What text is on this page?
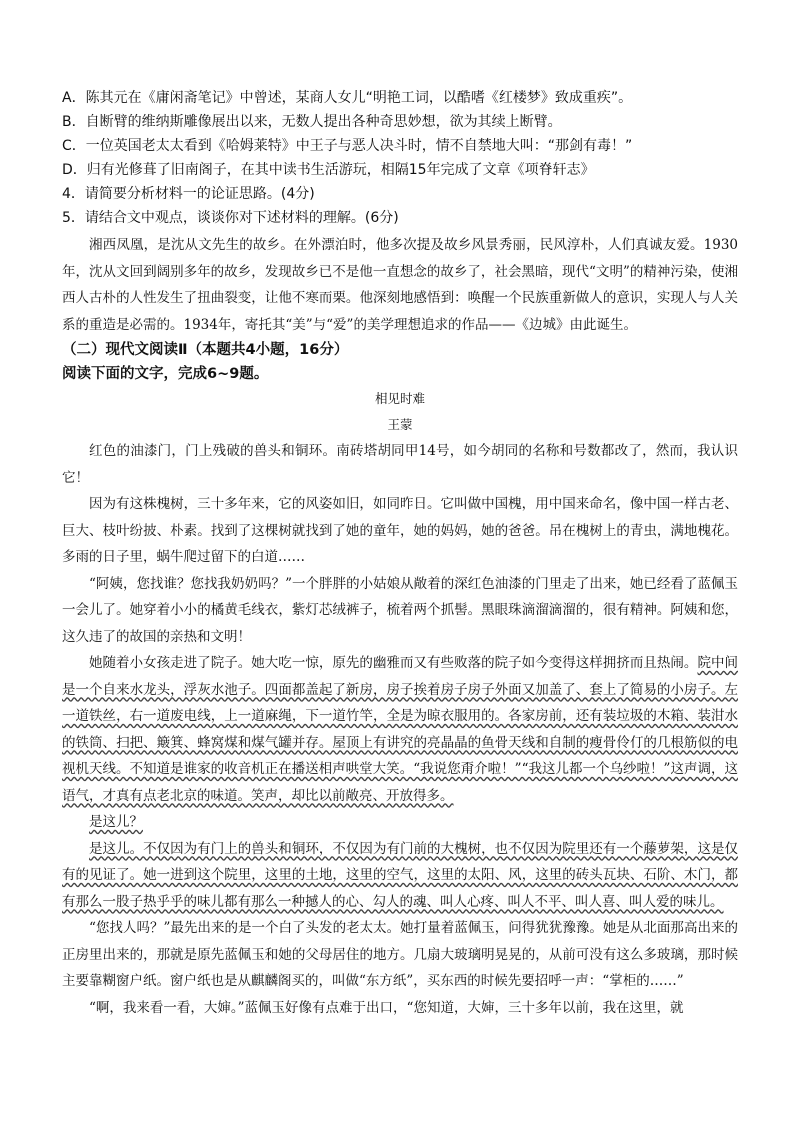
A．陈其元在《庸闲斋笔记》中曾述，某商人女儿“明艳工词，以酷嗜《红楼梦》致成重疾”。
B．自断臂的维纳斯雕像展出以来，无数人提出各种奇思妙想，欲为其续上断臂。
C．一位英国老太太看到《哈姆莱特》中王子与恶人决斗时，情不自禁地大叫：“那剑有毒！”
D．归有光修葺了旧南阁子，在其中读书生活游玩，相隔15年完成了文章《项脊轩志》
4．请简要分析材料一的论证思路。(4分)
5．请结合文中观点，谈谈你对下述材料的理解。(6分)

湘西凤凰，是沈从文先生的故乡。在外漂泊时，他多次提及故乡风景秀丽，民风淳朴，人们真诚友爱。1930年，沈从文回到阔别多年的故乡，发现故乡已不是他一直想念的故乡了，社会黑暗，现代“文明”的精神污染，使湘西人古朴的人性发生了扭曲裂变，让他不寒而栗。他深刻地感悟到：唤醒一个民族重新做人的意识，实现人与人关系的重造是必需的。1934年，寄托其“美”与“爱”的美学理想追求的作品——《边城》由此诞生。

（二）现代文阅读Ⅱ（本题共4小题，16分）

阅读下面的文字，完成6~9题。

相见时难

王蒙

红色的油漆门，门上残破的兽头和铜环。南砖塔胡同甲14号，如今胡同的名称和号数都改了，然而，我认识它！

因为有这株槐树，三十多年来，它的风姿如旧，如同昨日。它叫做中国槐，用中国来命名，像中国一样古老、巨大、枝叶纷披、朴素。找到了这棵树就找到了她的童年，她的妈妈，她的爸爸。吊在槐树上的青虫，满地槐花。多雨的日子里，蜗牛爬过留下的白道……

“阿姨，您找谁？您找我奶奶吗？”一个胖胖的小姑娘从敞着的深红色油漆的门里走了出来，她已经看了蓝佩玉一会儿了。她穿着小小的橘黄毛线衣，紫灯芯绒裤子，梳着两个抓髻。黑眼珠滴溜滴溜的，很有精神。阿姨和您，这久违了的故国的亲热和文明！

她随着小女孩走进了院子。她大吃一惊，原先的幽雅而又有些败落的院子如今变得这样拥挤而且热闹。院中间是一个自来水龙头，浮灰水池子。四面都盖起了新房，房子挨着房子房子外面又加盖了、套上了简易的小房子。左一道铁丝，右一道废电线，上一道麻绳，下一道竹竿，全是为晾衣服用的。各家房前，还有装垃圾的木箱、装泔水的铁筒、扫把、簸箕、蜂窝煤和煤气罐并存。屋顶上有讲究的亮晶晶的鱼骨天线和自制的瘦骨伶仃的几根筋似的电视机天线。不知道是谁家的收音机正在播送相声哄堂大笑。“我说您甭介啦！”“我这儿都一个乌纱啦！”这声调，这语气，才真有点老北京的味道。笑声，却比以前敞亮、开放得多。

是这儿？

是这儿。不仅因为有门上的兽头和铜环，不仅因为有门前的大槐树，也不仅因为院里还有一个藤萝架，这是仅有的见证了。她一进到这个院里，这里的土地，这里的空气，这里的太阳、风，这里的砖头瓦块、石阶、木门，都有那么一股子热乎乎的味儿都有那么一种撼人的心、勾人的魂、叫人心疼、叫人不平、叫人喜、叫人爱的味儿。

“您找人吗？”最先出来的是一个白了头发的老太太。她打量着蓝佩玉，问得犹犹豫豫。她是从北面那高出来的正房里出来的，那就是原先蓝佩玉和她的父母居住的地方。几扇大玻璃明晃晃的，从前可没有这么多玻璃，那时候主要靠糊窗户纸。窗户纸也是从麒麟阁买的，叫做“东方纸”，买东西的时候先要招呼一声：“掌柜的……”

“啊，我来看一看，大婶。”蓝佩玉好像有点难于出口，“您知道，大婶，三十多年以前，我在这里，就
